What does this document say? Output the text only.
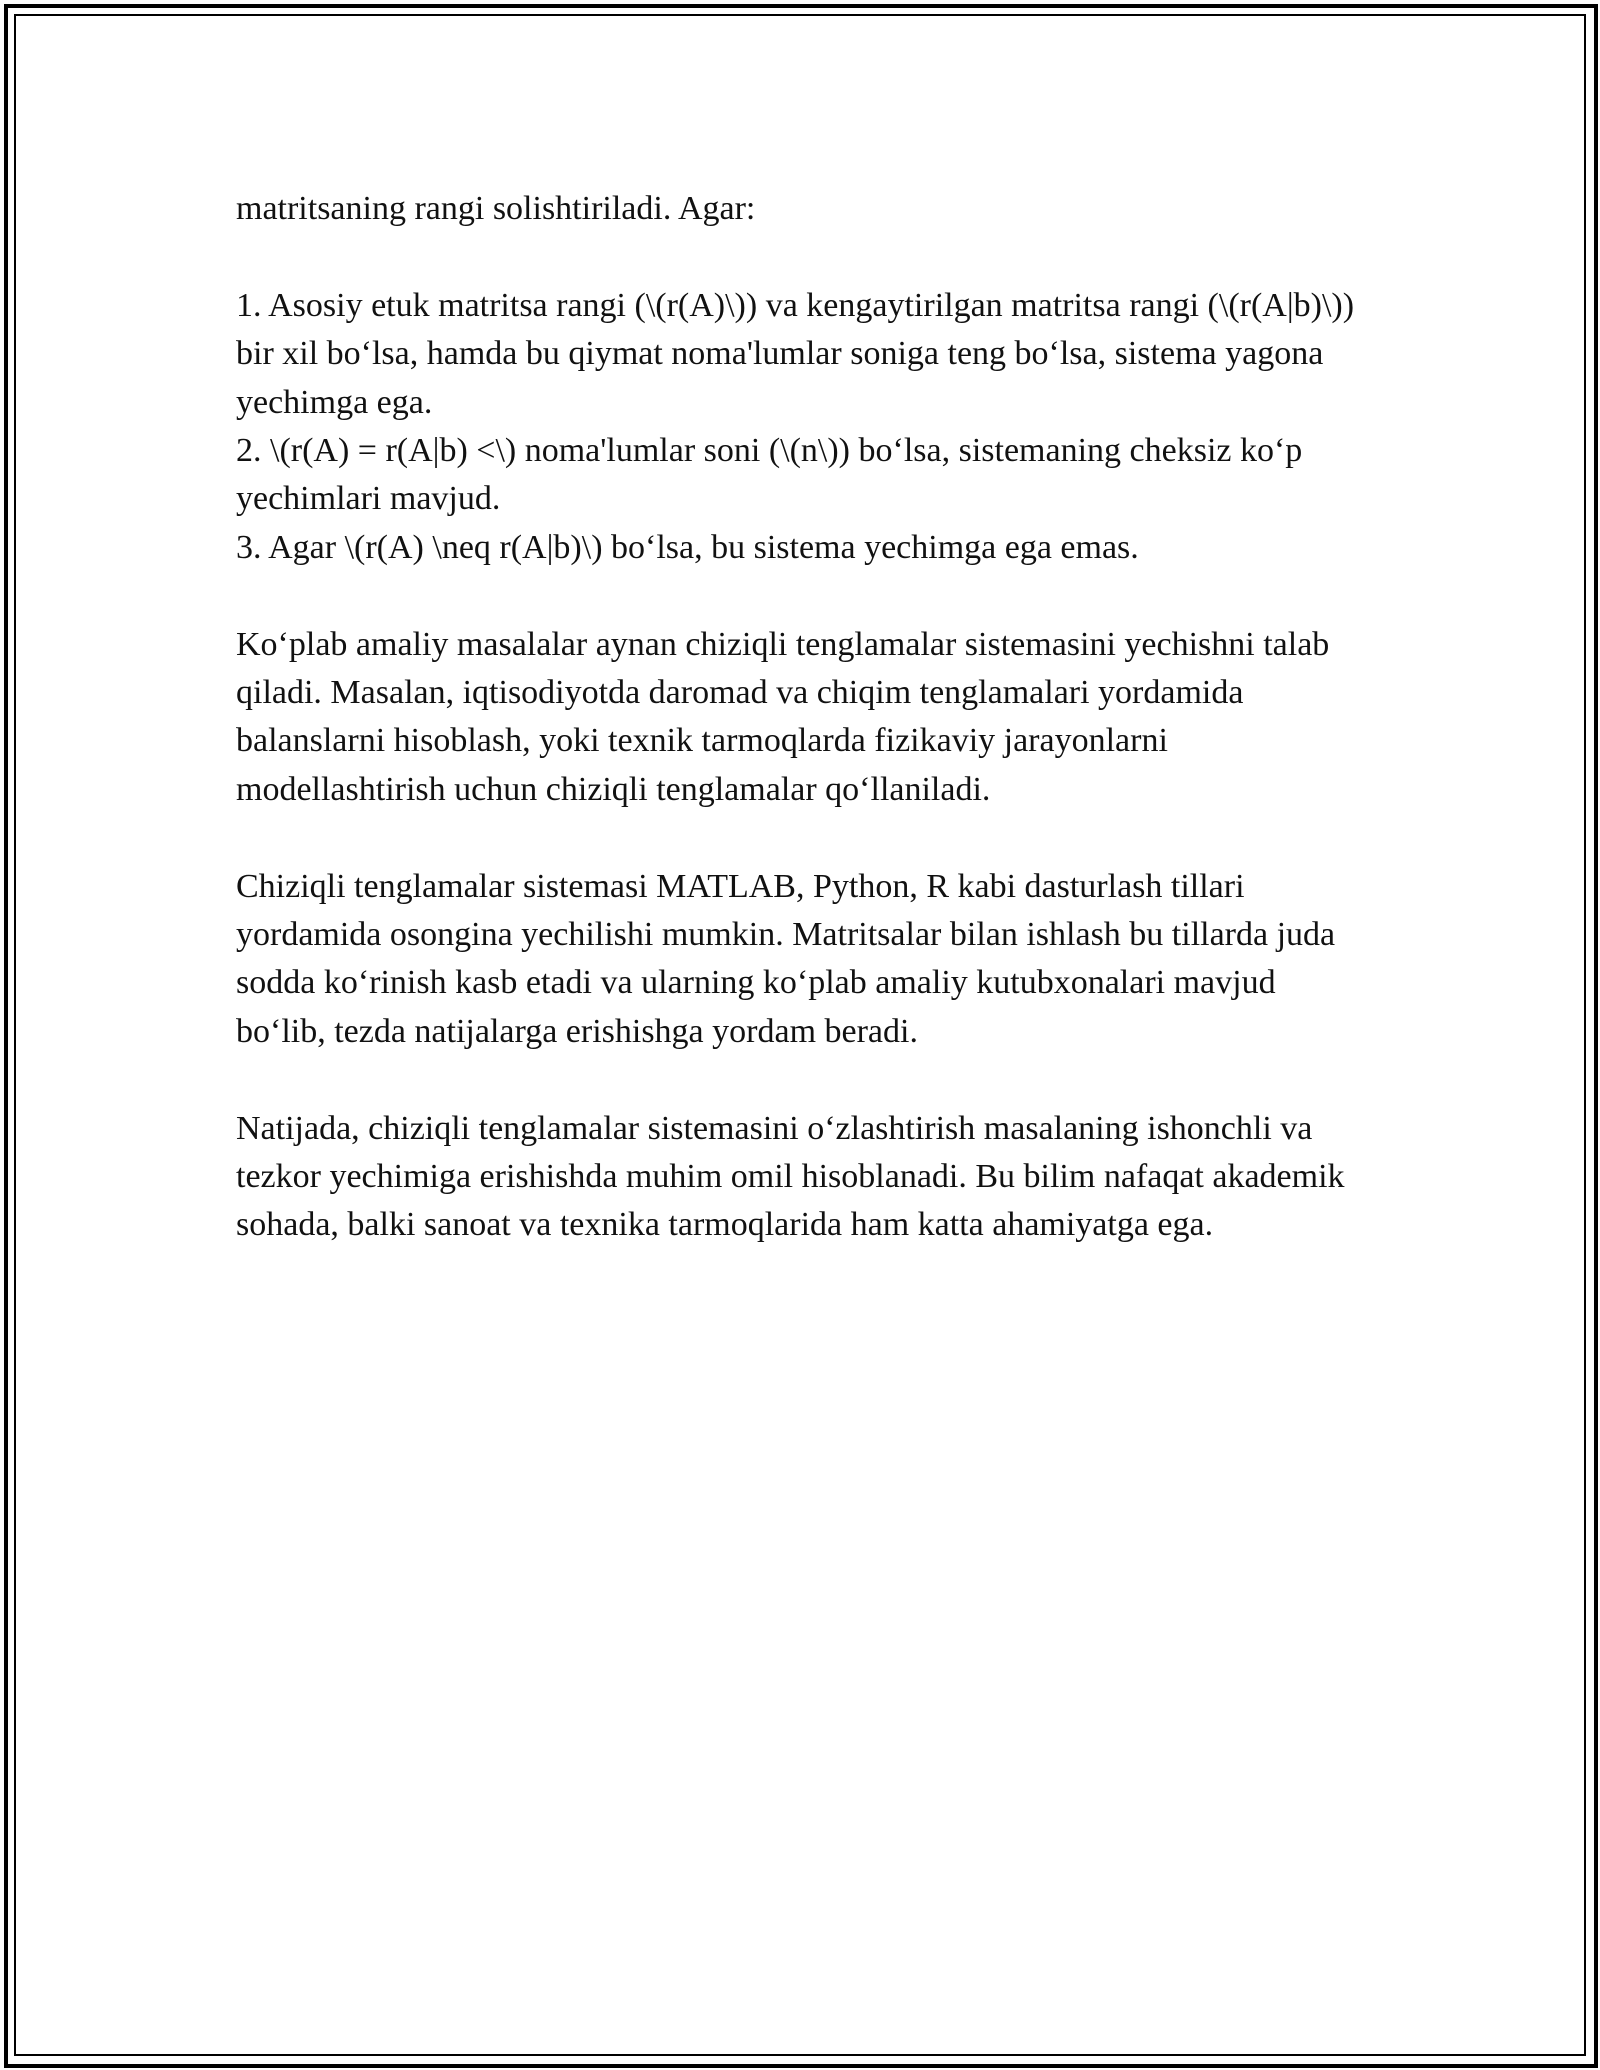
matritsaning rangi solishtiriladi. Agar:

1. Asosiy etuk matritsa rangi (\(r(A)\)) va kengaytirilgan matritsa rangi (\(r(A|b)\)) bir xil bo‘lsa, hamda bu qiymat noma'lumlar soniga teng bo‘lsa, sistema yagona yechimga ega.

2. \(r(A) = r(A|b) <\) noma'lumlar soni (\(n\)) bo‘lsa, sistemaning cheksiz ko‘p yechimlari mavjud.

3. Agar \(r(A) \neq r(A|b)\) bo‘lsa, bu sistema yechimga ega emas.

Ko‘plab amaliy masalalar aynan chiziqli tenglamalar sistemasini yechishni talab qiladi. Masalan, iqtisodiyotda daromad va chiqim tenglamalari yordamida balanslarni hisoblash, yoki texnik tarmoqlarda fizikaviy jarayonlarni modellashtirish uchun chiziqli tenglamalar qo‘llaniladi.

Chiziqli tenglamalar sistemasi MATLAB, Python, R kabi dasturlash tillari yordamida osongina yechilishi mumkin. Matritsalar bilan ishlash bu tillarda juda sodda ko‘rinish kasb etadi va ularning ko‘plab amaliy kutubxonalari mavjud bo‘lib, tezda natijalarga erishishga yordam beradi.

Natijada, chiziqli tenglamalar sistemasini o‘zlashtirish masalaning ishonchli va tezkor yechimiga erishishda muhim omil hisoblanadi. Bu bilim nafaqat akademik sohada, balki sanoat va texnika tarmoqlarida ham katta ahamiyatga ega.
